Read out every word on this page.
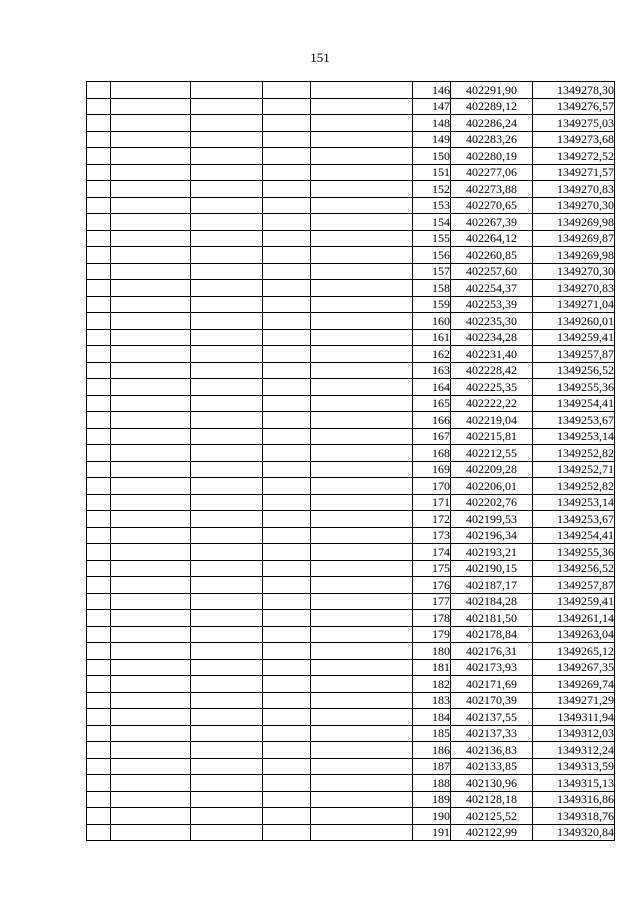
151
					146	402291,90	1349278,30
					147	402289,12	1349276,57
					148	402286,24	1349275,03
					149	402283,26	1349273,68
					150	402280,19	1349272,52
					151	402277,06	1349271,57
					152	402273,88	1349270,83
					153	402270,65	1349270,30
					154	402267,39	1349269,98
					155	402264,12	1349269,87
					156	402260,85	1349269,98
					157	402257,60	1349270,30
					158	402254,37	1349270,83
					159	402253,39	1349271,04
					160	402235,30	1349260,01
					161	402234,28	1349259,41
					162	402231,40	1349257,87
					163	402228,42	1349256,52
					164	402225,35	1349255,36
					165	402222,22	1349254,41
					166	402219,04	1349253,67
					167	402215,81	1349253,14
					168	402212,55	1349252,82
					169	402209,28	1349252,71
					170	402206,01	1349252,82
					171	402202,76	1349253,14
					172	402199,53	1349253,67
					173	402196,34	1349254,41
					174	402193,21	1349255,36
					175	402190,15	1349256,52
					176	402187,17	1349257,87
					177	402184,28	1349259,41
					178	402181,50	1349261,14
					179	402178,84	1349263,04
					180	402176,31	1349265,12
					181	402173,93	1349267,35
					182	402171,69	1349269,74
					183	402170,39	1349271,29
					184	402137,55	1349311,94
					185	402137,33	1349312,03
					186	402136,83	1349312,24
					187	402133,85	1349313,59
					188	402130,96	1349315,13
					189	402128,18	1349316,86
					190	402125,52	1349318,76
					191	402122,99	1349320,84
